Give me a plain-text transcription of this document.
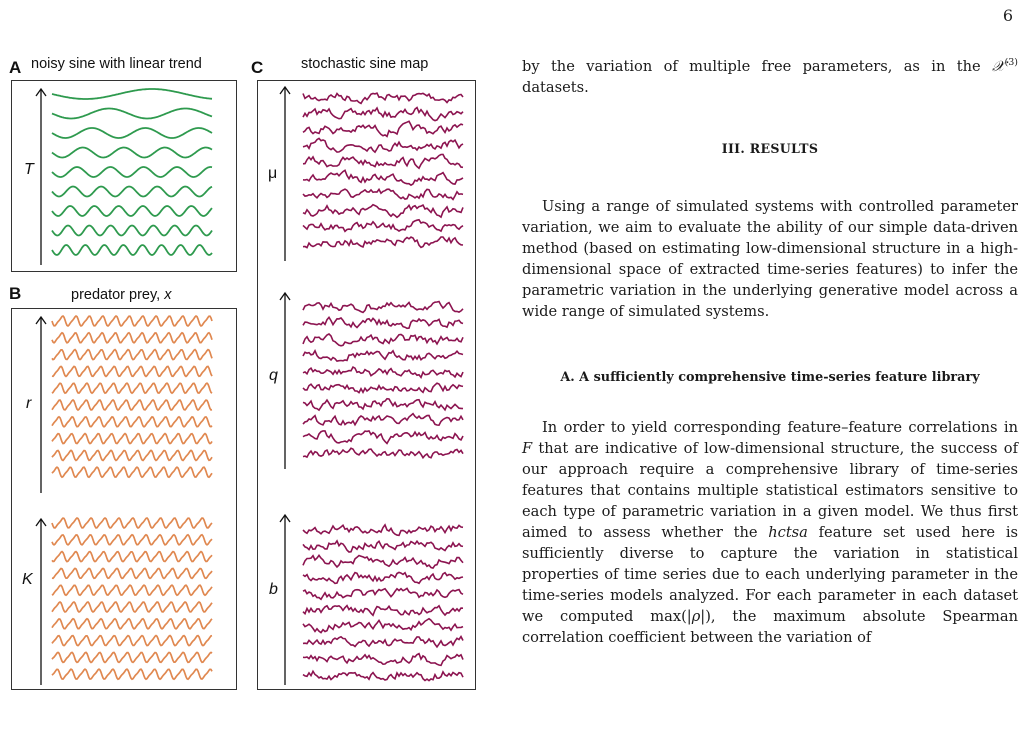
6
A noisy sine with linear trend
T
B	predator prey, x
r
K
C	stochastic sine map
μ
q
b

by the variation of multiple free parameters, as in the 𝒳$^{(3)}$ datasets.

III. RESULTS

Using a range of simulated systems with controlled parameter variation, we aim to evaluate the ability of our simple data-driven method (based on estimating low-dimensional structure in a high-dimensional space of extracted time-series features) to infer the parametric variation in the underlying generative model across a wide range of simulated systems.

A. A sufficiently comprehensive time-series feature library

In order to yield corresponding feature–feature correlations in F that are indicative of low-dimensional structure, the success of our approach require a comprehensive library of time-series features that contains multiple statistical estimators sensitive to each type of parametric variation in a given model. We thus first aimed to assess whether the hctsa feature set used here is sufficiently diverse to capture the variation in statistical properties of time series due to each underlying parameter in the time-series models analyzed. For each parameter in each dataset we computed max(|ρ|), the maximum absolute Spearman correlation coefficient between the variation of
